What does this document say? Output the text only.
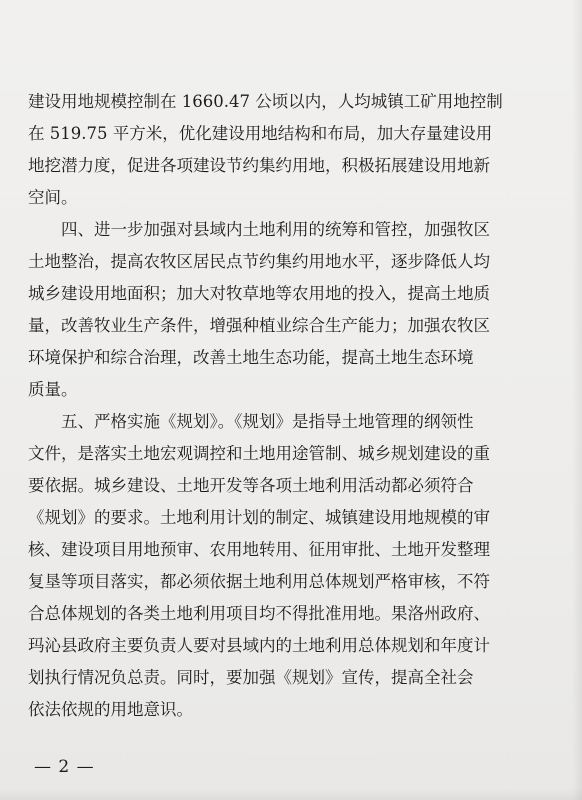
建设用地规模控制在 1660.47 公顷以内，人均城镇工矿用地控制
在 519.75 平方米，优化建设用地结构和布局，加大存量建设用
地挖潜力度，促进各项建设节约集约用地，积极拓展建设用地新
空间。
四、进一步加强对县域内土地利用的统筹和管控，加强牧区
土地整治，提高农牧区居民点节约集约用地水平，逐步降低人均
城乡建设用地面积；加大对牧草地等农用地的投入，提高土地质
量，改善牧业生产条件，增强种植业综合生产能力；加强农牧区
环境保护和综合治理，改善土地生态功能，提高土地生态环境
质量。
五、严格实施《规划》。《规划》是指导土地管理的纲领性
文件，是落实土地宏观调控和土地用途管制、城乡规划建设的重
要依据。城乡建设、土地开发等各项土地利用活动都必须符合
《规划》的要求。土地利用计划的制定、城镇建设用地规模的审
核、建设项目用地预审、农用地转用、征用审批、土地开发整理
复垦等项目落实，都必须依据土地利用总体规划严格审核，不符
合总体规划的各类土地利用项目均不得批准用地。果洛州政府、
玛沁县政府主要负责人要对县域内的土地利用总体规划和年度计
划执行情况负总责。同时，要加强《规划》宣传，提高全社会
依法依规的用地意识。
— 2 —
